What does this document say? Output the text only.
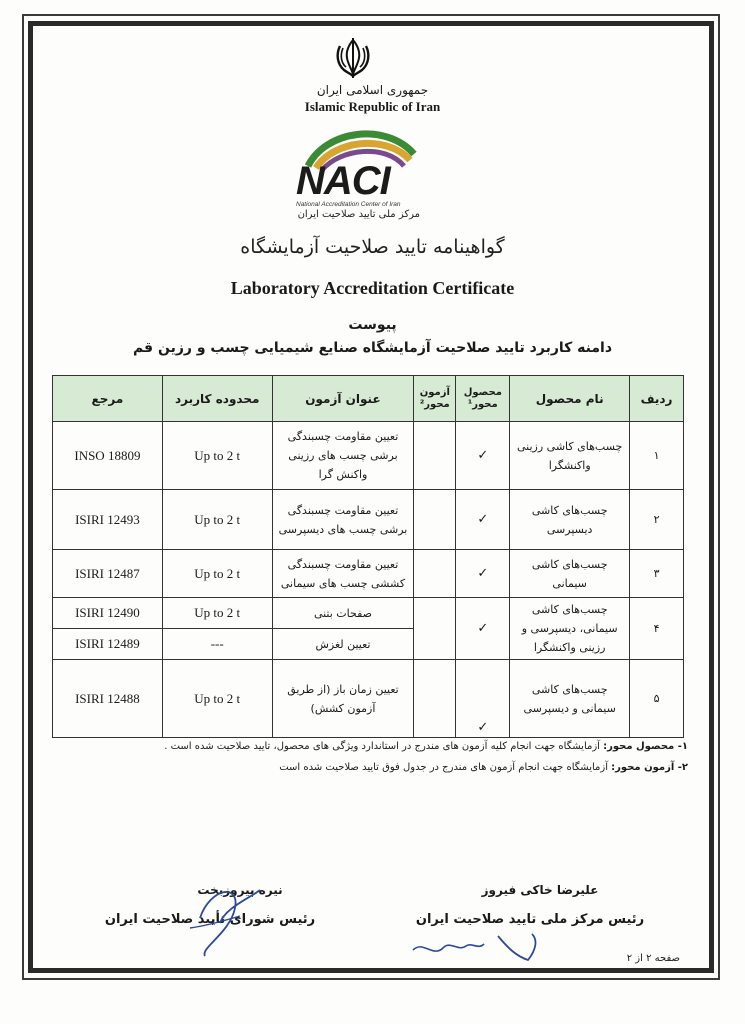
جمهوری اسلامی ایران
Islamic Republic of Iran
NACI
National Accreditation Center of Iran
مرکز ملی تایید صلاحیت ایران
گواهینامه تایید صلاحیت آزمایشگاه
Laboratory Accreditation Certificate
پیوست
دامنه کاربرد تایید صلاحیت آزمایشگاه صنایع شیمیایی چسب و رزین قم
ردیف	نام محصول	محصول محور¹	آزمون محور²	عنوان آزمون	محدوده کاربرد	مرجع
۱	چسب‌های کاشی رزینی واکنشگرا	✓		تعیین مقاومت چسبندگی برشی چسب های رزینی واکنش گرا	Up to 2 t	INSO 18809
۲	چسب‌های کاشی دیسپرسی	✓		تعیین مقاومت چسبندگی برشی چسب های دیسپرسی	Up to 2 t	ISIRI 12493
۳	چسب‌های کاشی سیمانی	✓		تعیین مقاومت چسبندگی کششی چسب های سیمانی	Up to 2 t	ISIRI 12487
۴	چسب‌های کاشی سیمانی، دیسپرسی و رزینی واکنشگرا	✓		صفحات بتنی	Up to 2 t	ISIRI 12490
				تعیین لغزش	---	ISIRI 12489
۵	چسب‌های کاشی سیمانی و دیسپرسی	✓		تعیین زمان باز (از طریق آزمون کشش)	Up to 2 t	ISIRI 12488
۱- محصول محور: آزمایشگاه جهت انجام کلیه آزمون های مندرج در استاندارد ویژگی های محصول، تایید صلاحیت شده است .
۲- آزمون محور: آزمایشگاه جهت انجام آزمون های مندرج در جدول فوق تایید صلاحیت شده است
نیره پیروزبخت
رئیس شورای تأیید صلاحیت ایران
علیرضا خاکی فیروز
رئیس مرکز ملی تایید صلاحیت ایران
صفحه ۲ از ۲
